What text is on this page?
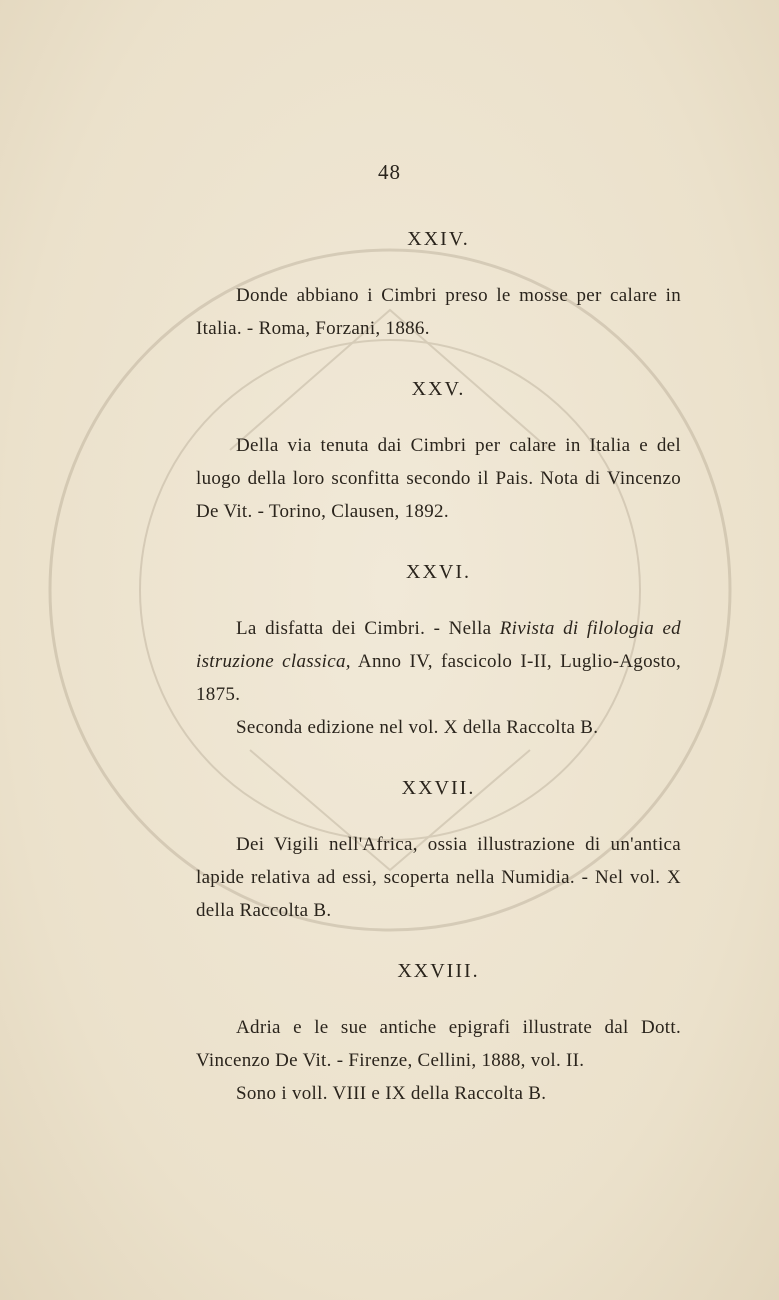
48
XXIV.

Donde abbiano i Cimbri preso le mosse per calare in Italia. - Roma, Forzani, 1886.

XXV.

Della via tenuta dai Cimbri per calare in Italia e del luogo della loro sconfitta secondo il Pais. Nota di Vincenzo De Vit. - Torino, Clausen, 1892.

XXVI.

La disfatta dei Cimbri. - Nella Rivista di filologia ed istruzione classica, Anno IV, fascicolo I-II, Luglio-Agosto, 1875.

Seconda edizione nel vol. X della Raccolta B.

XXVII.

Dei Vigili nell'Africa, ossia illustrazione di un'antica lapide relativa ad essi, scoperta nella Numidia. - Nel vol. X della Raccolta B.

XXVIII.

Adria e le sue antiche epigrafi illustrate dal Dott. Vincenzo De Vit. - Firenze, Cellini, 1888, vol. II.

Sono i voll. VIII e IX della Raccolta B.
